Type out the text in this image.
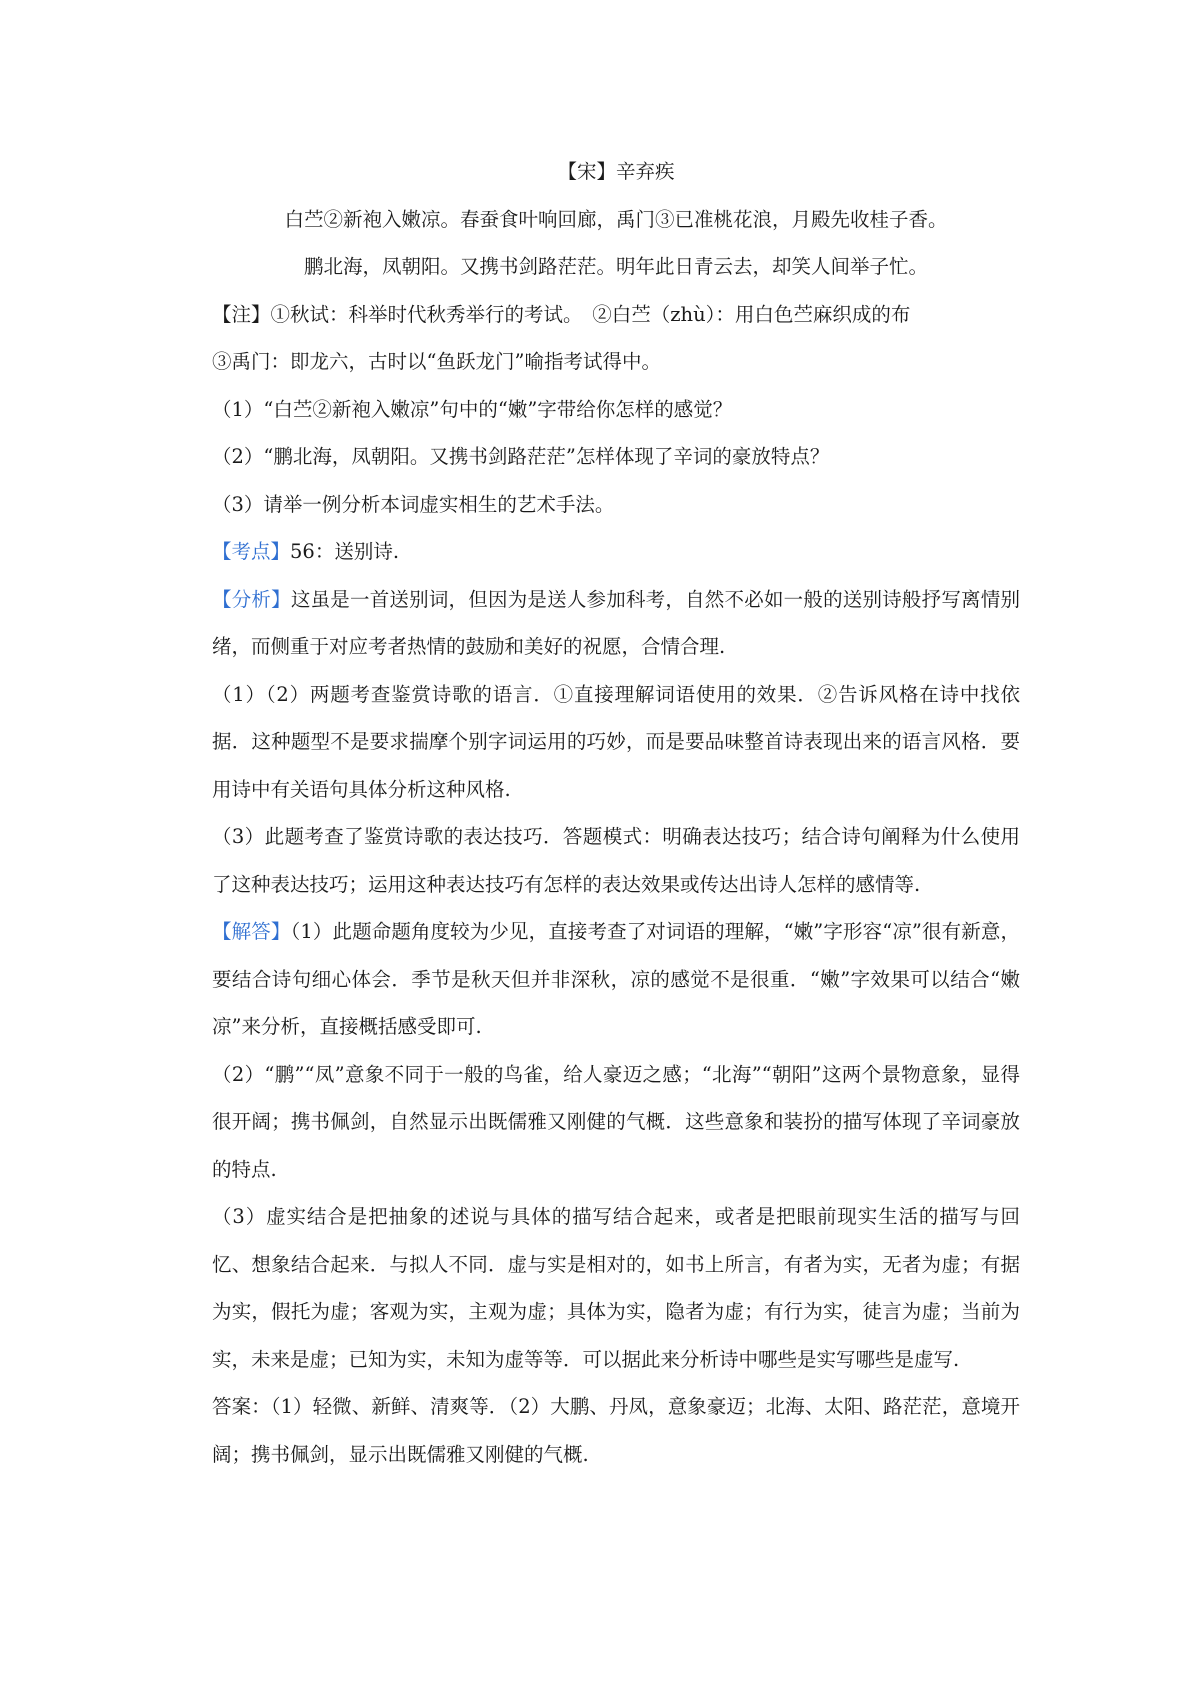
【宋】辛弃疾

白苎②新袍入嫩凉。春蚕食叶响回廊，禹门③已准桃花浪，月殿先收桂子香。

鹏北海，凤朝阳。又携书剑路茫茫。明年此日青云去，却笑人间举子忙。

【注】①秋试：科举时代秋秀举行的考试。　②白苎（zhù）：用白色苎麻织成的布

③禹门：即龙六，古时以“鱼跃龙门”喻指考试得中。

（1）“白苎②新袍入嫩凉”句中的“嫩”字带给你怎样的感觉？

（2）“鹏北海，凤朝阳。又携书剑路茫茫”怎样体现了辛词的豪放特点？

（3）请举一例分析本词虚实相生的艺术手法。

【考点】56：送别诗.

【分析】这虽是一首送别词，但因为是送人参加科考，自然不必如一般的送别诗般抒写离情别绪，而侧重于对应考者热情的鼓励和美好的祝愿，合情合理.

（1）（2）两题考查鉴赏诗歌的语言．①直接理解词语使用的效果．②告诉风格在诗中找依据．这种题型不是要求揣摩个别字词运用的巧妙，而是要品味整首诗表现出来的语言风格．要用诗中有关语句具体分析这种风格.

（3）此题考查了鉴赏诗歌的表达技巧．答题模式：明确表达技巧；结合诗句阐释为什么使用了这种表达技巧；运用这种表达技巧有怎样的表达效果或传达出诗人怎样的感情等.

【解答】（1）此题命题角度较为少见，直接考查了对词语的理解，“嫩”字形容“凉”很有新意，要结合诗句细心体会．季节是秋天但并非深秋，凉的感觉不是很重．“嫩”字效果可以结合“嫩凉”来分析，直接概括感受即可.

（2）“鹏”“凤”意象不同于一般的鸟雀，给人豪迈之感；“北海”“朝阳”这两个景物意象，显得很开阔；携书佩剑，自然显示出既儒雅又刚健的气概．这些意象和装扮的描写体现了辛词豪放的特点.

（3）虚实结合是把抽象的述说与具体的描写结合起来，或者是把眼前现实生活的描写与回忆、想象结合起来．与拟人不同．虚与实是相对的，如书上所言，有者为实，无者为虚；有据为实，假托为虚；客观为实，主观为虚；具体为实，隐者为虚；有行为实，徒言为虚；当前为实，未来是虚；已知为实，未知为虚等等．可以据此来分析诗中哪些是实写哪些是虚写.

答案：（1）轻微、新鲜、清爽等．（2）大鹏、丹凤，意象豪迈；北海、太阳、路茫茫，意境开阔；携书佩剑，显示出既儒雅又刚健的气概.
